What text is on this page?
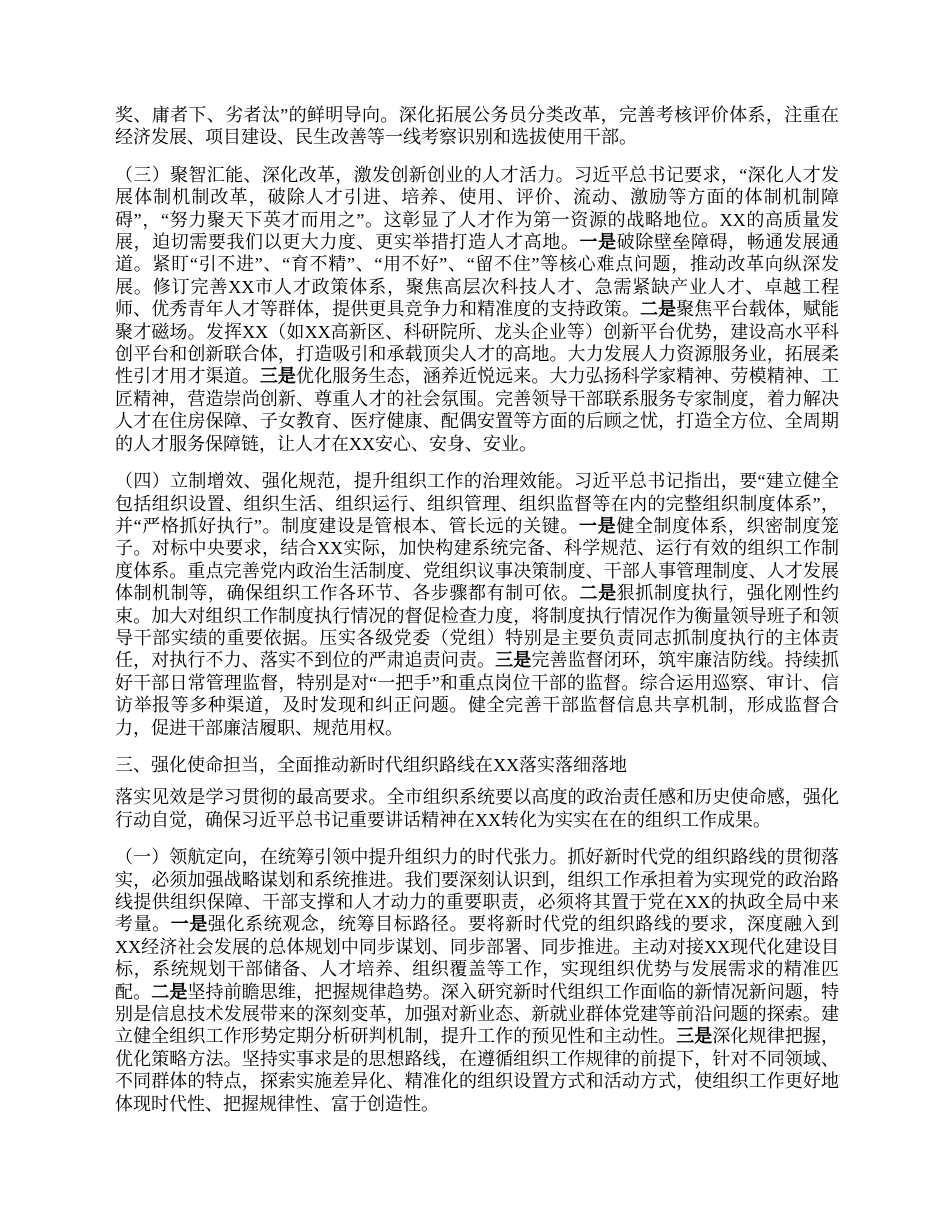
奖、庸者下、劣者汰”的鲜明导向。深化拓展公务员分类改革，完善考核评价体系，注重在经济发展、项目建设、民生改善等一线考察识别和选拔使用干部。

（三）聚智汇能、深化改革，激发创新创业的人才活力。习近平总书记要求，“深化人才发展体制机制改革，破除人才引进、培养、使用、评价、流动、激励等方面的体制机制障碍”，“努力聚天下英才而用之”。这彰显了人才作为第一资源的战略地位。XX的高质量发展，迫切需要我们以更大力度、更实举措打造人才高地。一是破除壁垒障碍，畅通发展通道。紧盯“引不进”、“育不精”、“用不好”、“留不住”等核心难点问题，推动改革向纵深发展。修订完善XX市人才政策体系，聚焦高层次科技人才、急需紧缺产业人才、卓越工程师、优秀青年人才等群体，提供更具竞争力和精准度的支持政策。二是聚焦平台载体，赋能聚才磁场。发挥XX（如XX高新区、科研院所、龙头企业等）创新平台优势，建设高水平科创平台和创新联合体，打造吸引和承载顶尖人才的高地。大力发展人力资源服务业，拓展柔性引才用才渠道。三是优化服务生态，涵养近悦远来。大力弘扬科学家精神、劳模精神、工匠精神，营造崇尚创新、尊重人才的社会氛围。完善领导干部联系服务专家制度，着力解决人才在住房保障、子女教育、医疗健康、配偶安置等方面的后顾之忧，打造全方位、全周期的人才服务保障链，让人才在XX安心、安身、安业。

（四）立制增效、强化规范，提升组织工作的治理效能。习近平总书记指出，要“建立健全包括组织设置、组织生活、组织运行、组织管理、组织监督等在内的完整组织制度体系”，并“严格抓好执行”。制度建设是管根本、管长远的关键。一是健全制度体系，织密制度笼子。对标中央要求，结合XX实际，加快构建系统完备、科学规范、运行有效的组织工作制度体系。重点完善党内政治生活制度、党组织议事决策制度、干部人事管理制度、人才发展体制机制等，确保组织工作各环节、各步骤都有制可依。二是狠抓制度执行，强化刚性约束。加大对组织工作制度执行情况的督促检查力度，将制度执行情况作为衡量领导班子和领导干部实绩的重要依据。压实各级党委（党组）特别是主要负责同志抓制度执行的主体责任，对执行不力、落实不到位的严肃追责问责。三是完善监督闭环，筑牢廉洁防线。持续抓好干部日常管理监督，特别是对“一把手”和重点岗位干部的监督。综合运用巡察、审计、信访举报等多种渠道，及时发现和纠正问题。健全完善干部监督信息共享机制，形成监督合力，促进干部廉洁履职、规范用权。

三、强化使命担当，全面推动新时代组织路线在XX落实落细落地

落实见效是学习贯彻的最高要求。全市组织系统要以高度的政治责任感和历史使命感，强化行动自觉，确保习近平总书记重要讲话精神在XX转化为实实在在的组织工作成果。

（一）领航定向，在统筹引领中提升组织力的时代张力。抓好新时代党的组织路线的贯彻落实，必须加强战略谋划和系统推进。我们要深刻认识到，组织工作承担着为实现党的政治路线提供组织保障、干部支撑和人才动力的重要职责，必须将其置于党在XX的执政全局中来考量。一是强化系统观念，统筹目标路径。要将新时代党的组织路线的要求，深度融入到XX经济社会发展的总体规划中同步谋划、同步部署、同步推进。主动对接XX现代化建设目标，系统规划干部储备、人才培养、组织覆盖等工作，实现组织优势与发展需求的精准匹配。二是坚持前瞻思维，把握规律趋势。深入研究新时代组织工作面临的新情况新问题，特别是信息技术发展带来的深刻变革，加强对新业态、新就业群体党建等前沿问题的探索。建立健全组织工作形势定期分析研判机制，提升工作的预见性和主动性。三是深化规律把握，优化策略方法。坚持实事求是的思想路线，在遵循组织工作规律的前提下，针对不同领域、不同群体的特点，探索实施差异化、精准化的组织设置方式和活动方式，使组织工作更好地体现时代性、把握规律性、富于创造性。
